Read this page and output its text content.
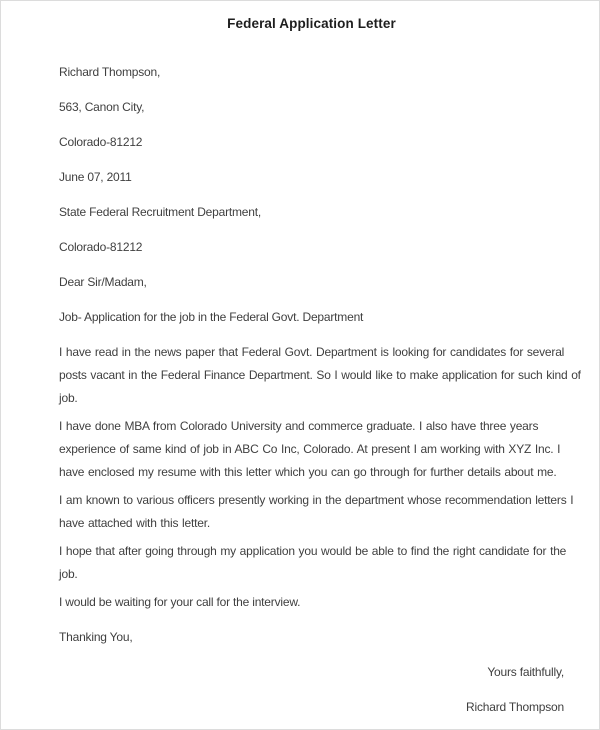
Federal Application Letter
Richard Thompson,
563, Canon City,
Colorado-81212
June 07, 2011
State Federal Recruitment Department,
Colorado-81212
Dear Sir/Madam,
Job- Application for the job in the Federal Govt. Department
I have read in the news paper that Federal Govt. Department is looking for candidates for several
posts vacant in the Federal Finance Department. So I would like to make application for such kind of
job.
I have done MBA from Colorado University and commerce graduate. I also have three years
experience of same kind of job in ABC Co Inc, Colorado. At present I am working with XYZ Inc. I
have enclosed my resume with this letter which you can go through for further details about me.
I am known to various officers presently working in the department whose recommendation letters I
have attached with this letter.
I hope that after going through my application you would be able to find the right candidate for the
job.
I would be waiting for your call for the interview.
Thanking You,
Yours faithfully,
Richard Thompson
